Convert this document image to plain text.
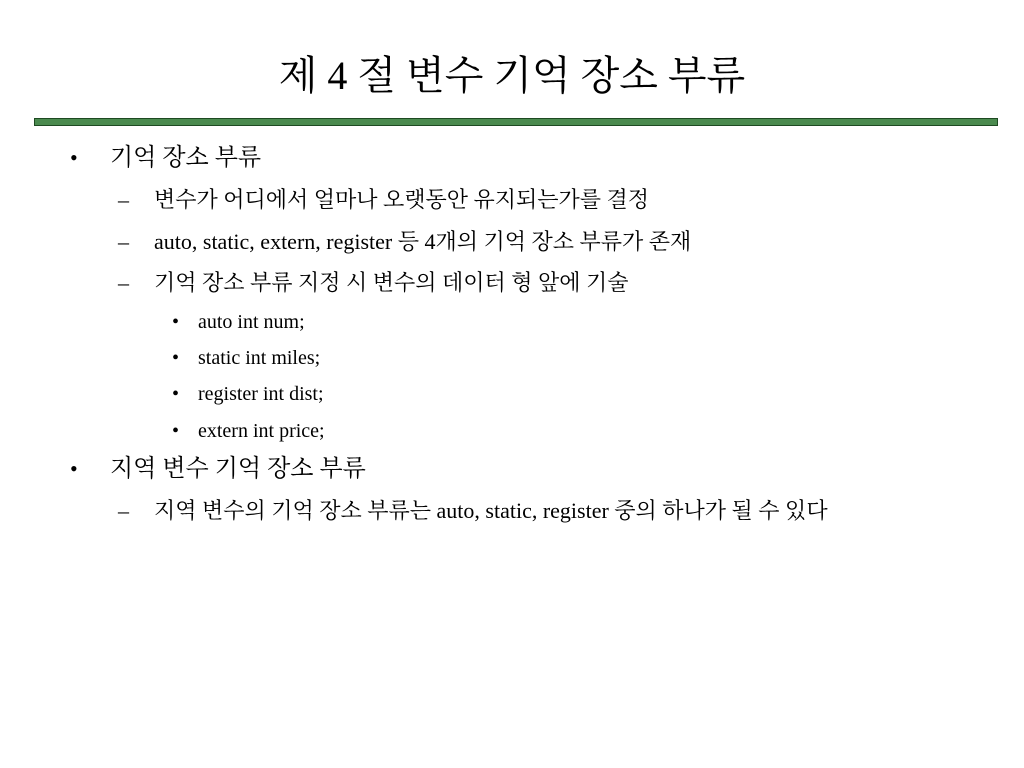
제 4 절 변수 기억 장소 부류
• 기억 장소 부류
– 변수가 어디에서 얼마나 오랫동안 유지되는가를 결정
– auto, static, extern, register 등 4개의 기억 장소 부류가 존재
– 기억 장소 부류 지정 시 변수의 데이터 형 앞에 기술
• auto int num;
• static int miles;
• register int dist;
• extern int price;
• 지역 변수 기억 장소 부류
– 지역 변수의 기억 장소 부류는 auto, static, register 중의 하나가 될 수 있다
